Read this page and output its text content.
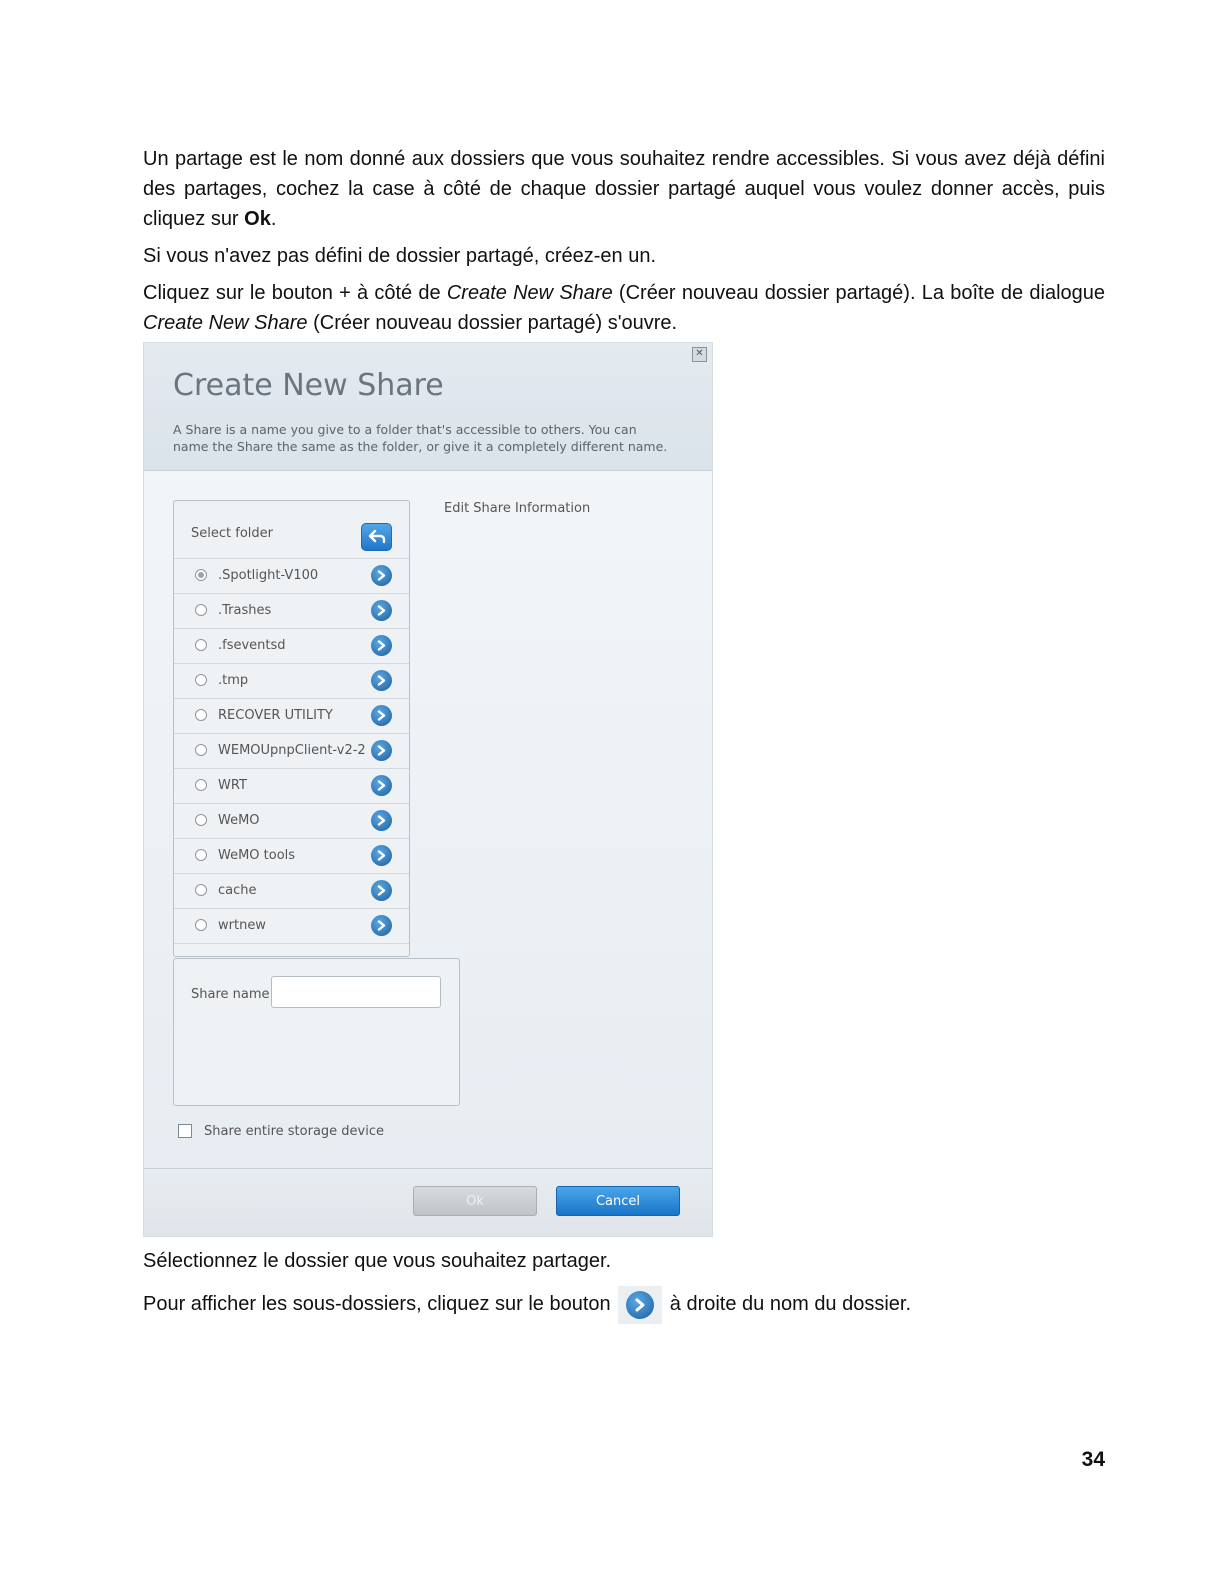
Un partage est le nom donné aux dossiers que vous souhaitez rendre accessibles. Si vous avez déjà défini des partages, cochez la case à côté de chaque dossier partagé auquel vous voulez donner accès, puis cliquez sur Ok.

Si vous n'avez pas défini de dossier partagé, créez-en un.

Cliquez sur le bouton + à côté de Create New Share (Créer nouveau dossier partagé). La boîte de dialogue Create New Share (Créer nouveau dossier partagé) s'ouvre.

✕
Create New Share
A Share is a name you give to a folder that's accessible to others. You can name the Share the same as the folder, or give it a completely different name.
Select folder
.Spotlight-V100
.Trashes
.fseventsd
.tmp
RECOVER UTILITY
WEMOUpnpClient-v2-2
WRT
WeMO
WeMO tools
cache
wrtnew
Edit Share Information
Share name
Share entire storage device
Ok	Cancel

Sélectionnez le dossier que vous souhaitez partager.

Pour afficher les sous-dossiers, cliquez sur le bouton	à droite du nom du dossier.

34
